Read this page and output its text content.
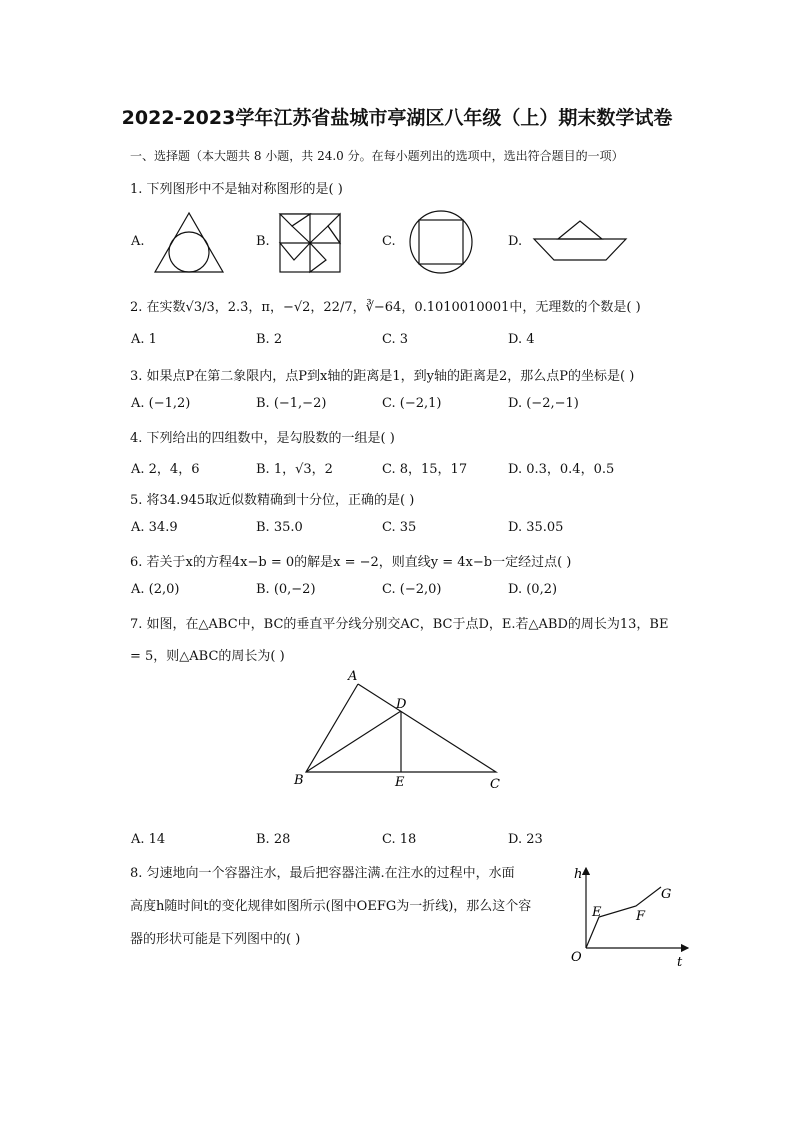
2022-2023学年江苏省盐城市亭湖区八年级（上）期末数学试卷
一、选择题（本大题共 8 小题，共 24.0 分。在每小题列出的选项中，选出符合题目的一项）
1. 下列图形中不是轴对称图形的是( )
A.	B.	C.	D.
2. 在实数√3/3，2.3̇，π，−√2，22/7，∛−64，0.1010010001中，无理数的个数是( )
A. 1	B. 2	C. 3	D. 4
3. 如果点P在第二象限内，点P到x轴的距离是1，到y轴的距离是2，那么点P的坐标是( )
A. (−1,2)	B. (−1,−2)	C. (−2,1)	D. (−2,−1)
4. 下列给出的四组数中，是勾股数的一组是( )
A. 2，4，6	B. 1，√3，2	C. 8，15，17	D. 0.3，0.4，0.5
5. 将34.945取近似数精确到十分位，正确的是( )
A. 34.9	B. 35.0	C. 35	D. 35.05
6. 若关于x的方程4x−b = 0的解是x = −2，则直线y = 4x−b一定经过点( )
A. (2,0)	B. (0,−2)	C. (−2,0)	D. (0,2)
7. 如图，在△ABC中，BC的垂直平分线分别交AC，BC于点D，E.若△ABD的周长为13，BE
= 5，则△ABC的周长为( )
A
D
B	E	C
A. 14	B. 28	C. 18	D. 23
8. 匀速地向一个容器注水，最后把容器注满.在注水的过程中，水面
高度h随时间t的变化规律如图所示(图中OEFG为一折线)，那么这个容
器的形状可能是下列图中的( )
h
t
O
E	F
G
